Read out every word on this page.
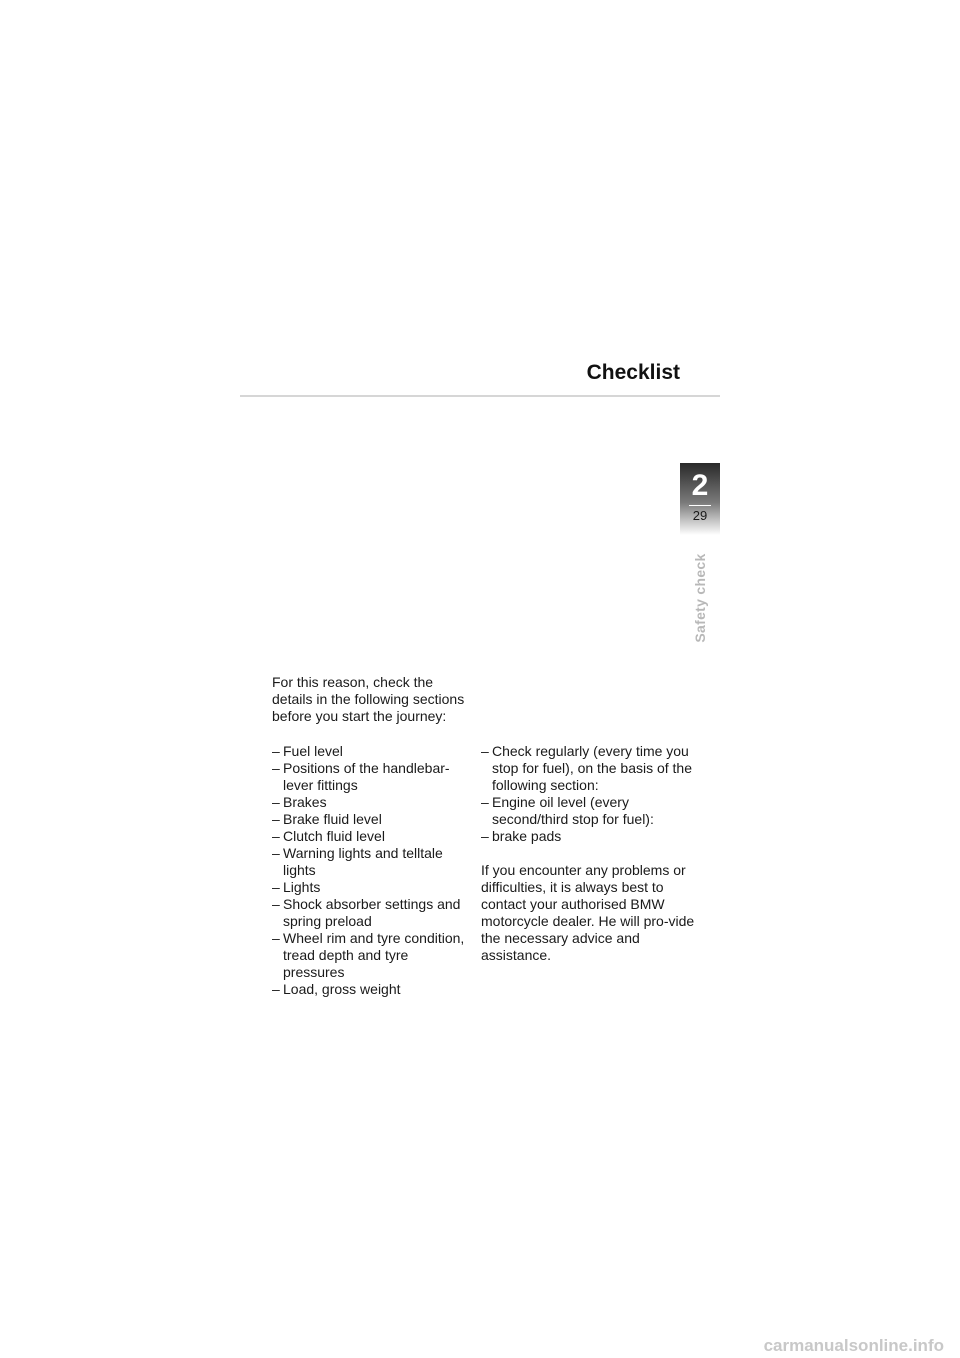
Checklist
2
29
Safety check
For this reason, check the details in the following sections before you start the journey:
– Fuel level
– Positions of the handlebar-lever fittings
– Brakes
– Brake fluid level
– Clutch fluid level
– Warning lights and telltale lights
– Lights
– Shock absorber settings and spring preload
– Wheel rim and tyre condition, tread depth and tyre pressures
– Load, gross weight
– Check regularly (every time you stop for fuel), on the basis of the following section:
– Engine oil level (every second/third stop for fuel):
– brake pads
If you encounter any problems or difficulties, it is always best to contact your authorised BMW motorcycle dealer. He will pro-vide the necessary advice and assistance.
carmanualsonline.info
